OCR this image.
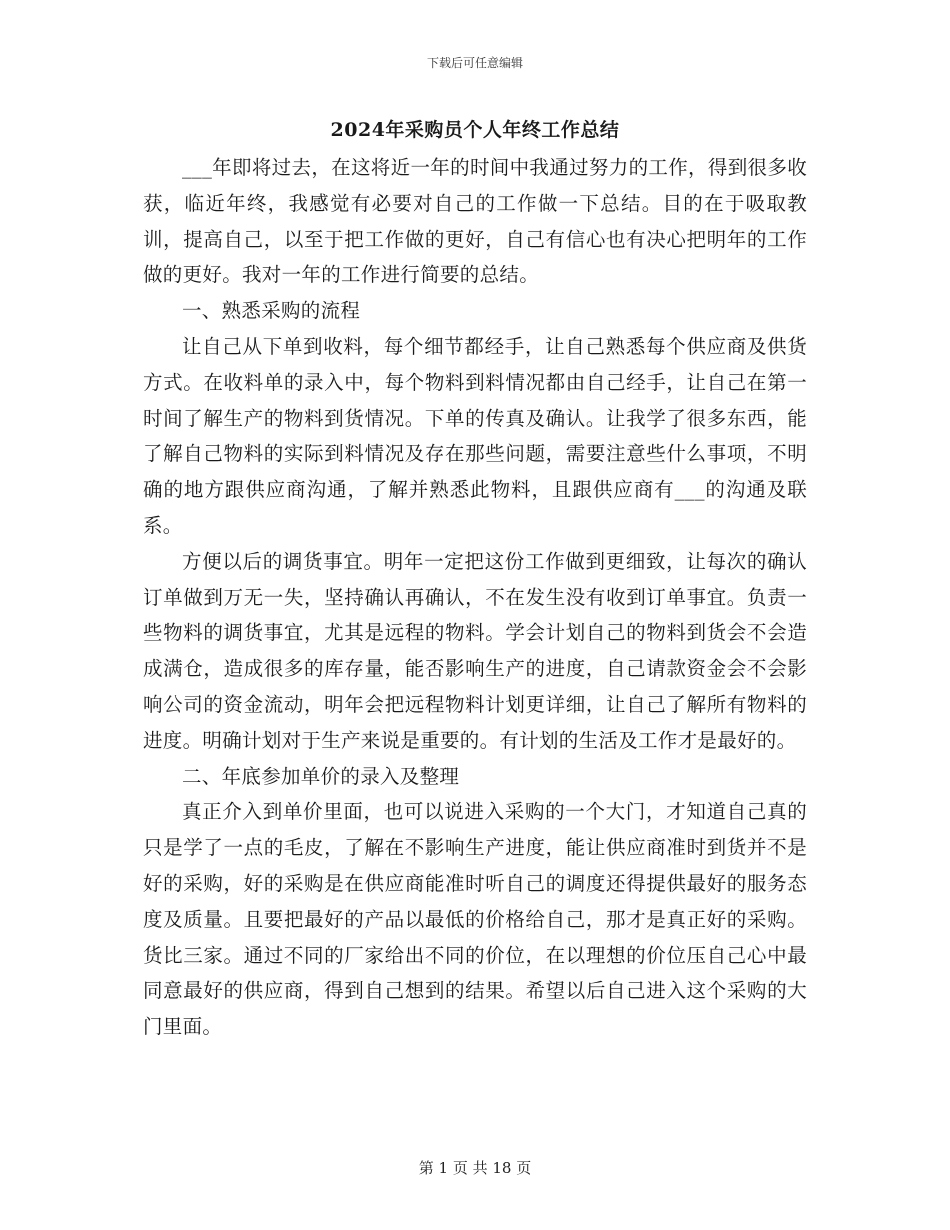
下载后可任意编辑
2024年采购员个人年终工作总结

___年即将过去，在这将近一年的时间中我通过努力的工作，得到很多收获，临近年终，我感觉有必要对自己的工作做一下总结。目的在于吸取教训，提高自己，以至于把工作做的更好，自己有信心也有决心把明年的工作做的更好。我对一年的工作进行简要的总结。

一、熟悉采购的流程

让自己从下单到收料，每个细节都经手，让自己熟悉每个供应商及供货方式。在收料单的录入中，每个物料到料情况都由自己经手，让自己在第一时间了解生产的物料到货情况。下单的传真及确认。让我学了很多东西，能了解自己物料的实际到料情况及存在那些问题，需要注意些什么事项，不明确的地方跟供应商沟通，了解并熟悉此物料，且跟供应商有___的沟通及联系。

方便以后的调货事宜。明年一定把这份工作做到更细致，让每次的确认订单做到万无一失，坚持确认再确认，不在发生没有收到订单事宜。负责一些物料的调货事宜，尤其是远程的物料。学会计划自己的物料到货会不会造成满仓，造成很多的库存量，能否影响生产的进度，自己请款资金会不会影响公司的资金流动，明年会把远程物料计划更详细，让自己了解所有物料的进度。明确计划对于生产来说是重要的。有计划的生活及工作才是最好的。

二、年底参加单价的录入及整理

真正介入到单价里面，也可以说进入采购的一个大门，才知道自己真的只是学了一点的毛皮，了解在不影响生产进度，能让供应商准时到货并不是好的采购，好的采购是在供应商能准时听自己的调度还得提供最好的服务态度及质量。且要把最好的产品以最低的价格给自己，那才是真正好的采购。货比三家。通过不同的厂家给出不同的价位，在以理想的价位压自己心中最同意最好的供应商，得到自己想到的结果。希望以后自己进入这个采购的大门里面。

第 1 页 共 18 页
